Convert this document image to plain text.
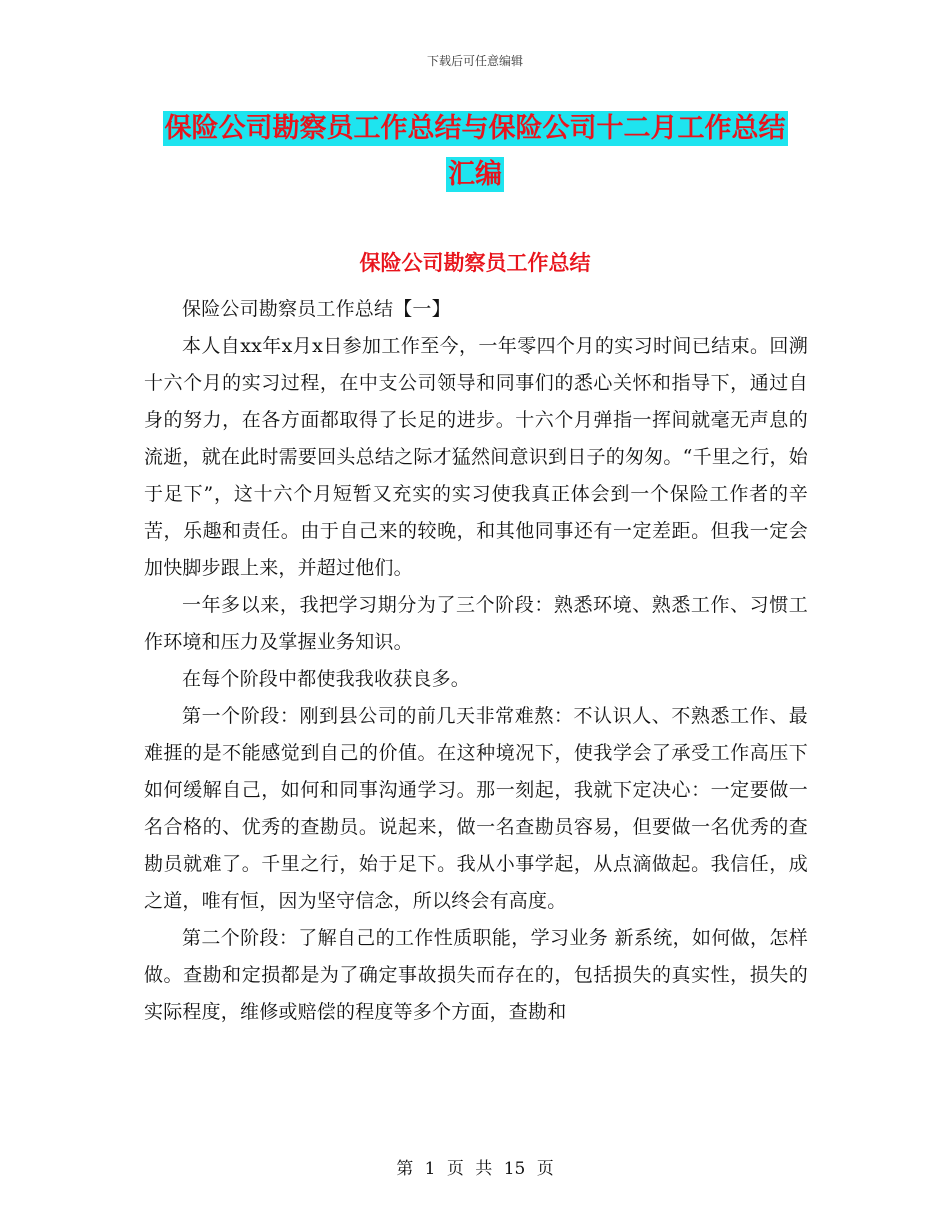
下载后可任意编辑
保险公司勘察员工作总结与保险公司十二月工作总结
汇编
保险公司勘察员工作总结

保险公司勘察员工作总结【一】

本人自xx年x月x日参加工作至今，一年零四个月的实习时间已结束。回溯十六个月的实习过程，在中支公司领导和同事们的悉心关怀和指导下，通过自身的努力，在各方面都取得了长足的进步。十六个月弹指一挥间就毫无声息的流逝，就在此时需要回头总结之际才猛然间意识到日子的匆匆。“千里之行，始于足下”，这十六个月短暂又充实的实习使我真正体会到一个保险工作者的辛苦，乐趣和责任。由于自己来的较晚，和其他同事还有一定差距。但我一定会加快脚步跟上来，并超过他们。

一年多以来，我把学习期分为了三个阶段：熟悉环境、熟悉工作、习惯工作环境和压力及掌握业务知识。

在每个阶段中都使我我收获良多。

第一个阶段：刚到县公司的前几天非常难熬：不认识人、不熟悉工作、最难捱的是不能感觉到自己的价值。在这种境况下，使我学会了承受工作高压下如何缓解自己，如何和同事沟通学习。那一刻起，我就下定决心：一定要做一名合格的、优秀的查勘员。说起来，做一名查勘员容易，但要做一名优秀的查勘员就难了。千里之行，始于足下。我从小事学起，从点滴做起。我信任，成之道，唯有恒，因为坚守信念，所以终会有高度。

第二个阶段：了解自己的工作性质职能，学习业务 新系统，如何做，怎样做。查勘和定损都是为了确定事故损失而存在的，包括损失的真实性，损失的实际程度，维修或赔偿的程度等多个方面，查勘和

第 1 页 共 15 页
